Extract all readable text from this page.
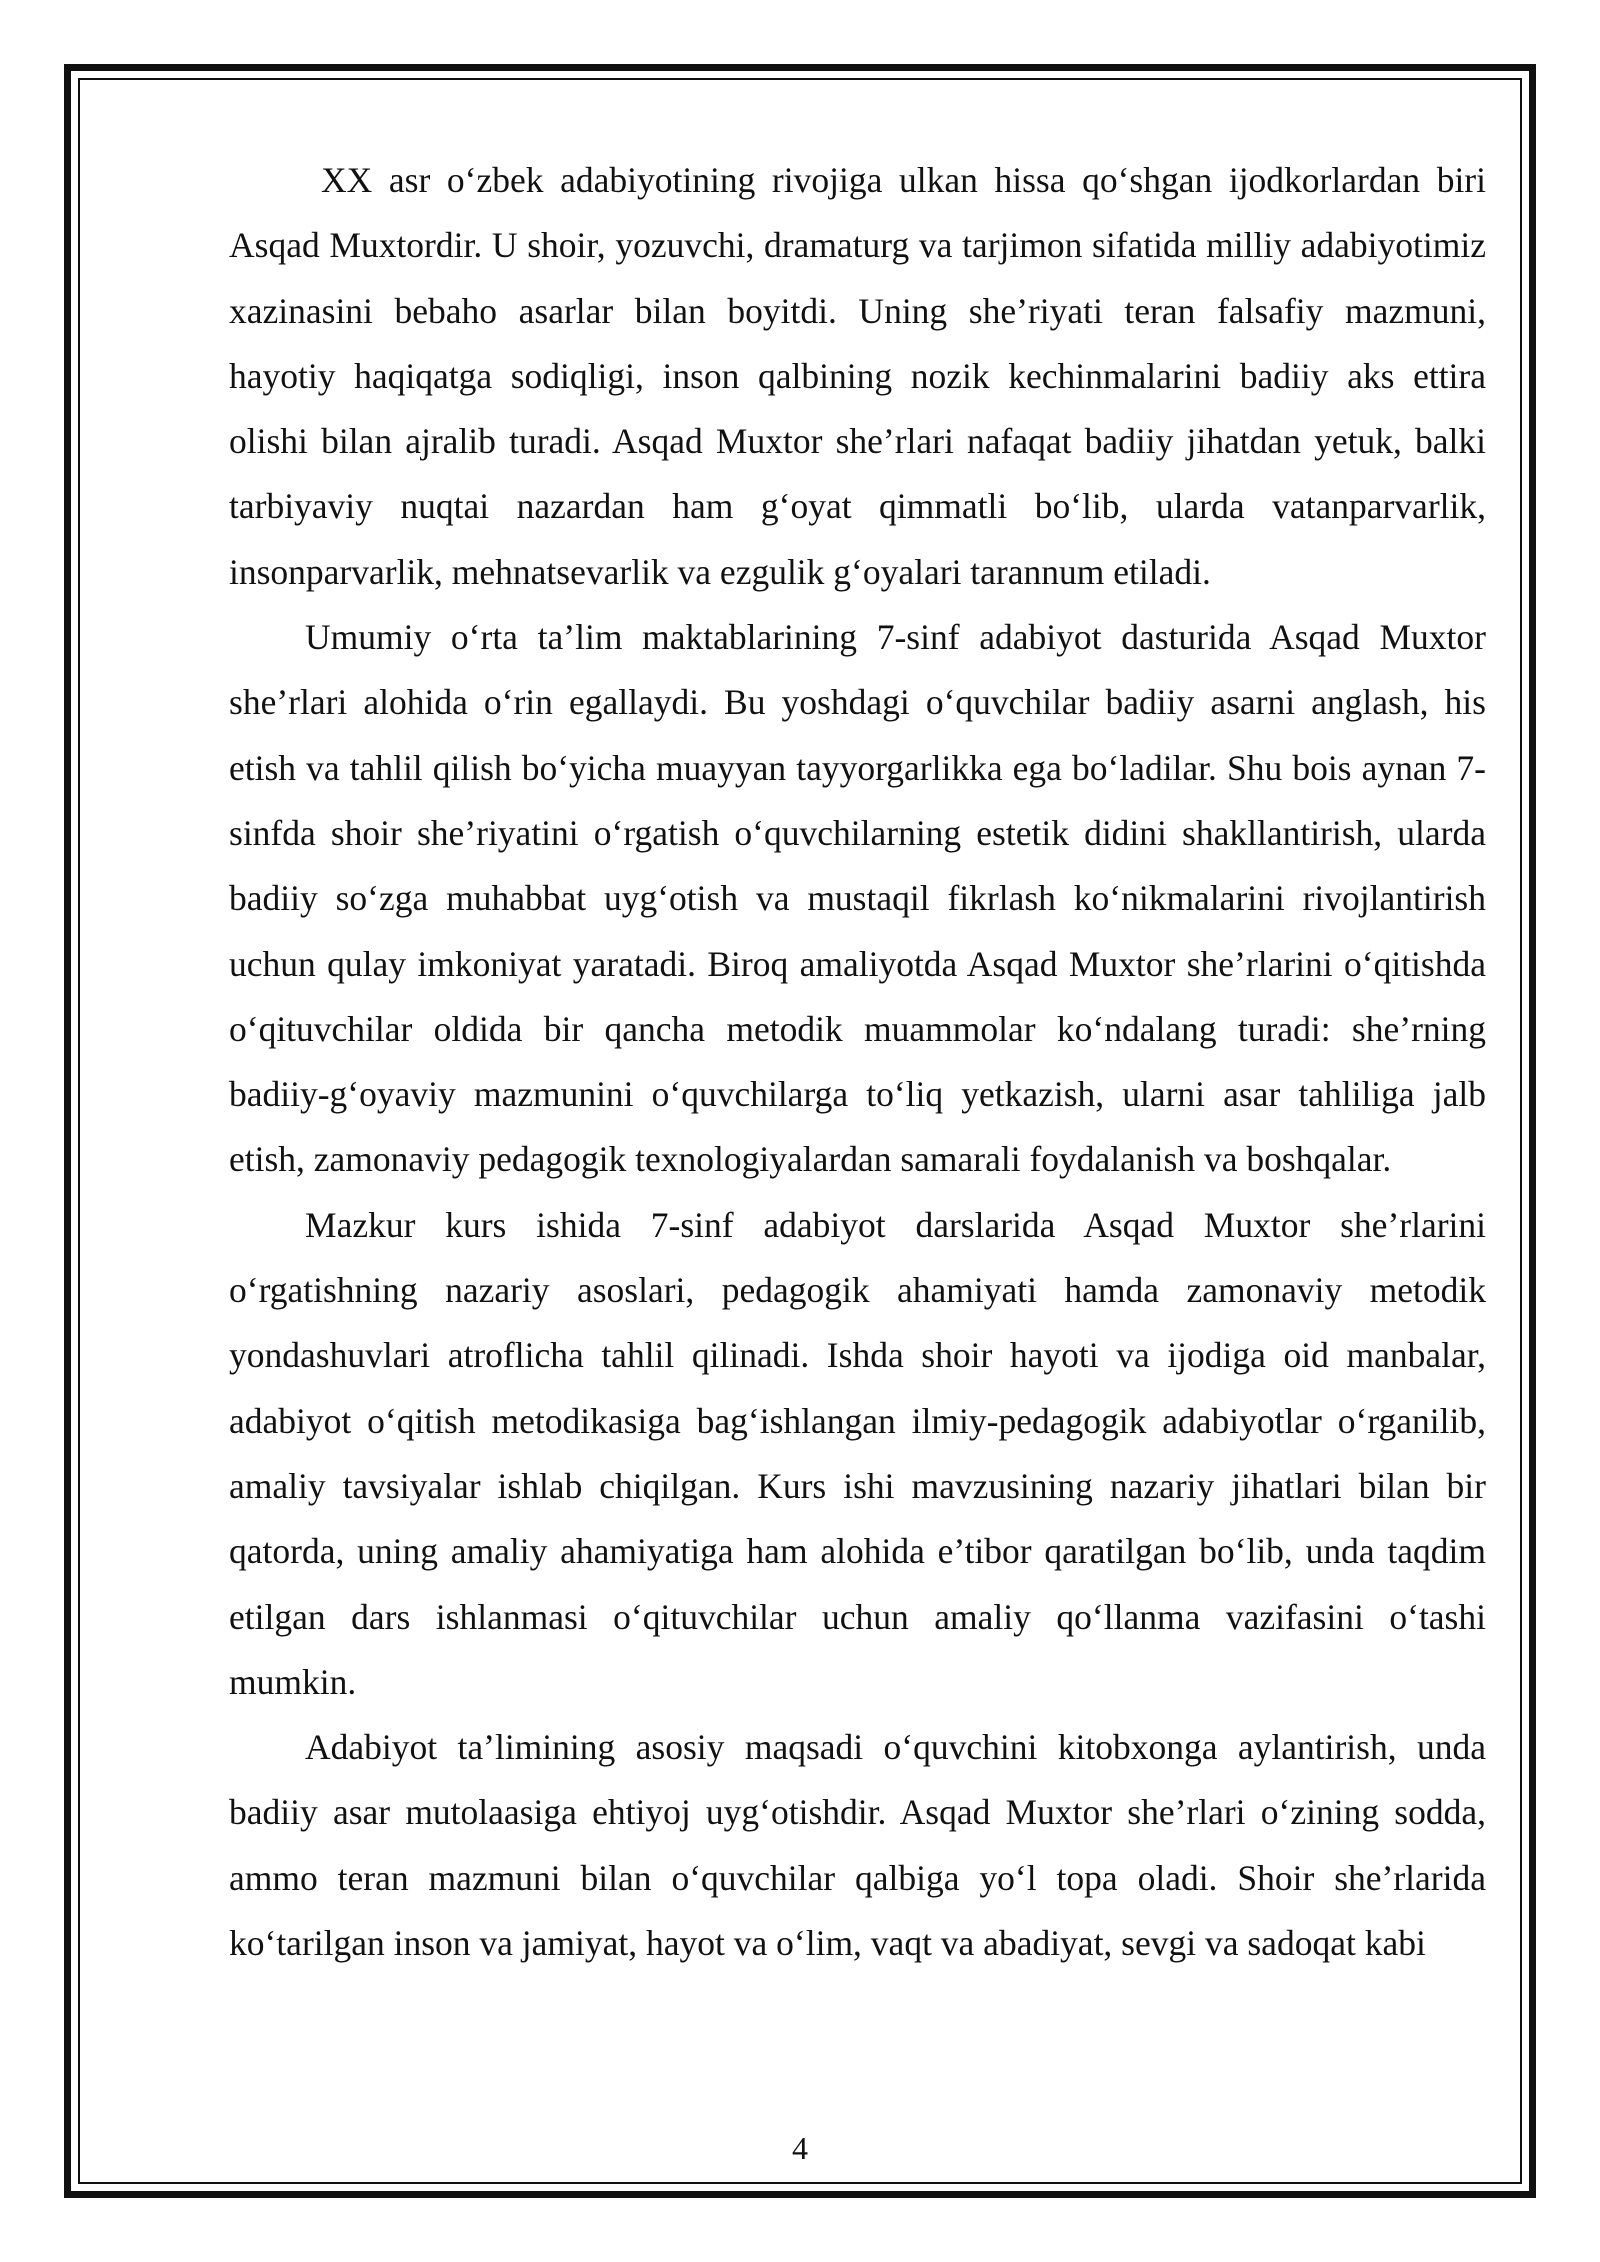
XX asr o‘zbek adabiyotining rivojiga ulkan hissa qo‘shgan ijodkorlardan biri Asqad Muxtordir. U shoir, yozuvchi, dramaturg va tarjimon sifatida milliy adabiyotimiz xazinasini bebaho asarlar bilan boyitdi. Uning she’riyati teran falsafiy mazmuni, hayotiy haqiqatga sodiqligi, inson qalbining nozik kechinmalarini badiiy aks ettira olishi bilan ajralib turadi. Asqad Muxtor she’rlari nafaqat badiiy jihatdan yetuk, balki tarbiyaviy nuqtai nazardan ham g‘oyat qimmatli bo‘lib, ularda vatanparvarlik, insonparvarlik, mehnatsevarlik va ezgulik g‘oyalari tarannum etiladi.

Umumiy o‘rta ta’lim maktablarining 7-sinf adabiyot dasturida Asqad Muxtor she’rlari alohida o‘rin egallaydi. Bu yoshdagi o‘quvchilar badiiy asarni anglash, his etish va tahlil qilish bo‘yicha muayyan tayyorgarlikka ega bo‘ladilar. Shu bois aynan 7-sinfda shoir she’riyatini o‘rgatish o‘quvchilarning estetik didini shakllantirish, ularda badiiy so‘zga muhabbat uyg‘otish va mustaqil fikrlash ko‘nikmalarini rivojlantirish uchun qulay imkoniyat yaratadi. Biroq amaliyotda Asqad Muxtor she’rlarini o‘qitishda o‘qituvchilar oldida bir qancha metodik muammolar ko‘ndalang turadi: she’rning badiiy-g‘oyaviy mazmunini o‘quvchilarga to‘liq yetkazish, ularni asar tahliliga jalb etish, zamonaviy pedagogik texnologiyalardan samarali foydalanish va boshqalar.

Mazkur kurs ishida 7-sinf adabiyot darslarida Asqad Muxtor she’rlarini o‘rgatishning nazariy asoslari, pedagogik ahamiyati hamda zamonaviy metodik yondashuvlari atroflicha tahlil qilinadi. Ishda shoir hayoti va ijodiga oid manbalar, adabiyot o‘qitish metodikasiga bag‘ishlangan ilmiy-pedagogik adabiyotlar o‘rganilib, amaliy tavsiyalar ishlab chiqilgan. Kurs ishi mavzusining nazariy jihatlari bilan bir qatorda, uning amaliy ahamiyatiga ham alohida e’tibor qaratilgan bo‘lib, unda taqdim etilgan dars ishlanmasi o‘qituvchilar uchun amaliy qo‘llanma vazifasini o‘tashi mumkin.

Adabiyot ta’limining asosiy maqsadi o‘quvchini kitobxonga aylantirish, unda badiiy asar mutolaasiga ehtiyoj uyg‘otishdir. Asqad Muxtor she’rlari o‘zining sodda, ammo teran mazmuni bilan o‘quvchilar qalbiga yo‘l topa oladi. Shoir she’rlarida ko‘tarilgan inson va jamiyat, hayot va o‘lim, vaqt va abadiyat, sevgi va sadoqat kabi

4
